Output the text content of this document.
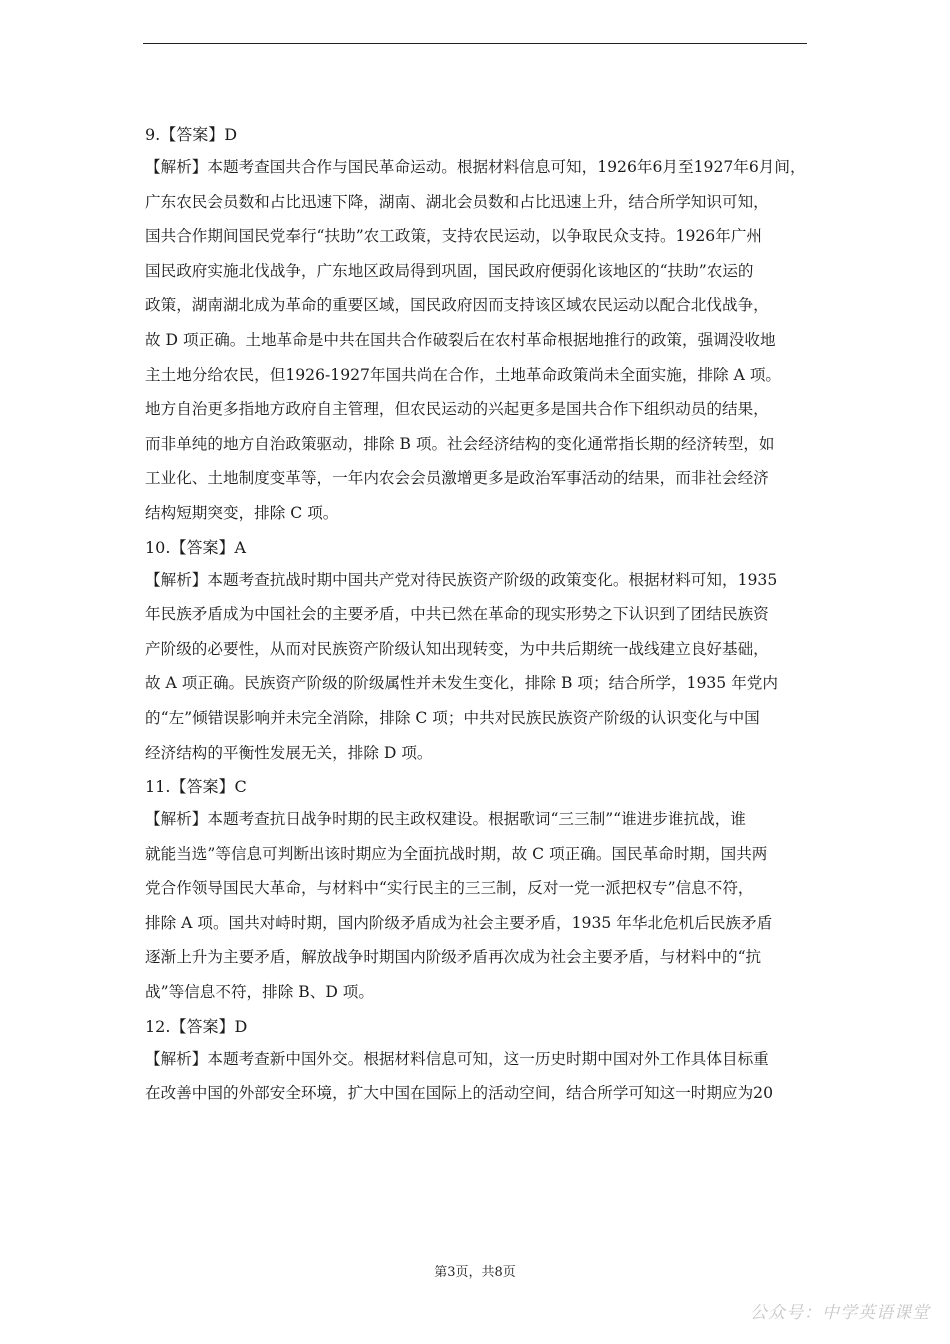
9.【答案】D

【解析】本题考查国共合作与国民革命运动。根据材料信息可知，1926年6月至1927年6月间，

广东农民会员数和占比迅速下降，湖南、湖北会员数和占比迅速上升，结合所学知识可知，

国共合作期间国民党奉行“扶助”农工政策，支持农民运动，以争取民众支持。1926年广州

国民政府实施北伐战争，广东地区政局得到巩固，国民政府便弱化该地区的“扶助”农运的

政策，湖南湖北成为革命的重要区域，国民政府因而支持该区域农民运动以配合北伐战争，

故 D 项正确。土地革命是中共在国共合作破裂后在农村革命根据地推行的政策，强调没收地

主土地分给农民，但1926-1927年国共尚在合作，土地革命政策尚未全面实施，排除 A 项。

地方自治更多指地方政府自主管理，但农民运动的兴起更多是国共合作下组织动员的结果，

而非单纯的地方自治政策驱动，排除 B 项。社会经济结构的变化通常指长期的经济转型，如

工业化、土地制度变革等，一年内农会会员激增更多是政治军事活动的结果，而非社会经济

结构短期突变，排除 C 项。

10.【答案】A

【解析】本题考查抗战时期中国共产党对待民族资产阶级的政策变化。根据材料可知，1935

年民族矛盾成为中国社会的主要矛盾，中共已然在革命的现实形势之下认识到了团结民族资

产阶级的必要性，从而对民族资产阶级认知出现转变，为中共后期统一战线建立良好基础，

故 A 项正确。民族资产阶级的阶级属性并未发生变化，排除 B 项；结合所学，1935 年党内

的“左”倾错误影响并未完全消除，排除 C 项；中共对民族民族资产阶级的认识变化与中国

经济结构的平衡性发展无关，排除 D 项。

11.【答案】C

【解析】本题考查抗日战争时期的民主政权建设。根据歌词“三三制”“谁进步谁抗战，谁

就能当选”等信息可判断出该时期应为全面抗战时期，故 C 项正确。国民革命时期，国共两

党合作领导国民大革命，与材料中“实行民主的三三制，反对一党一派把权专”信息不符，

排除 A 项。国共对峙时期，国内阶级矛盾成为社会主要矛盾，1935 年华北危机后民族矛盾

逐渐上升为主要矛盾，解放战争时期国内阶级矛盾再次成为社会主要矛盾，与材料中的“抗

战”等信息不符，排除 B、D 项。

12.【答案】D

【解析】本题考查新中国外交。根据材料信息可知，这一历史时期中国对外工作具体目标重

在改善中国的外部安全环境，扩大中国在国际上的活动空间，结合所学可知这一时期应为20

第3页，共8页
公众号：中学英语课堂
